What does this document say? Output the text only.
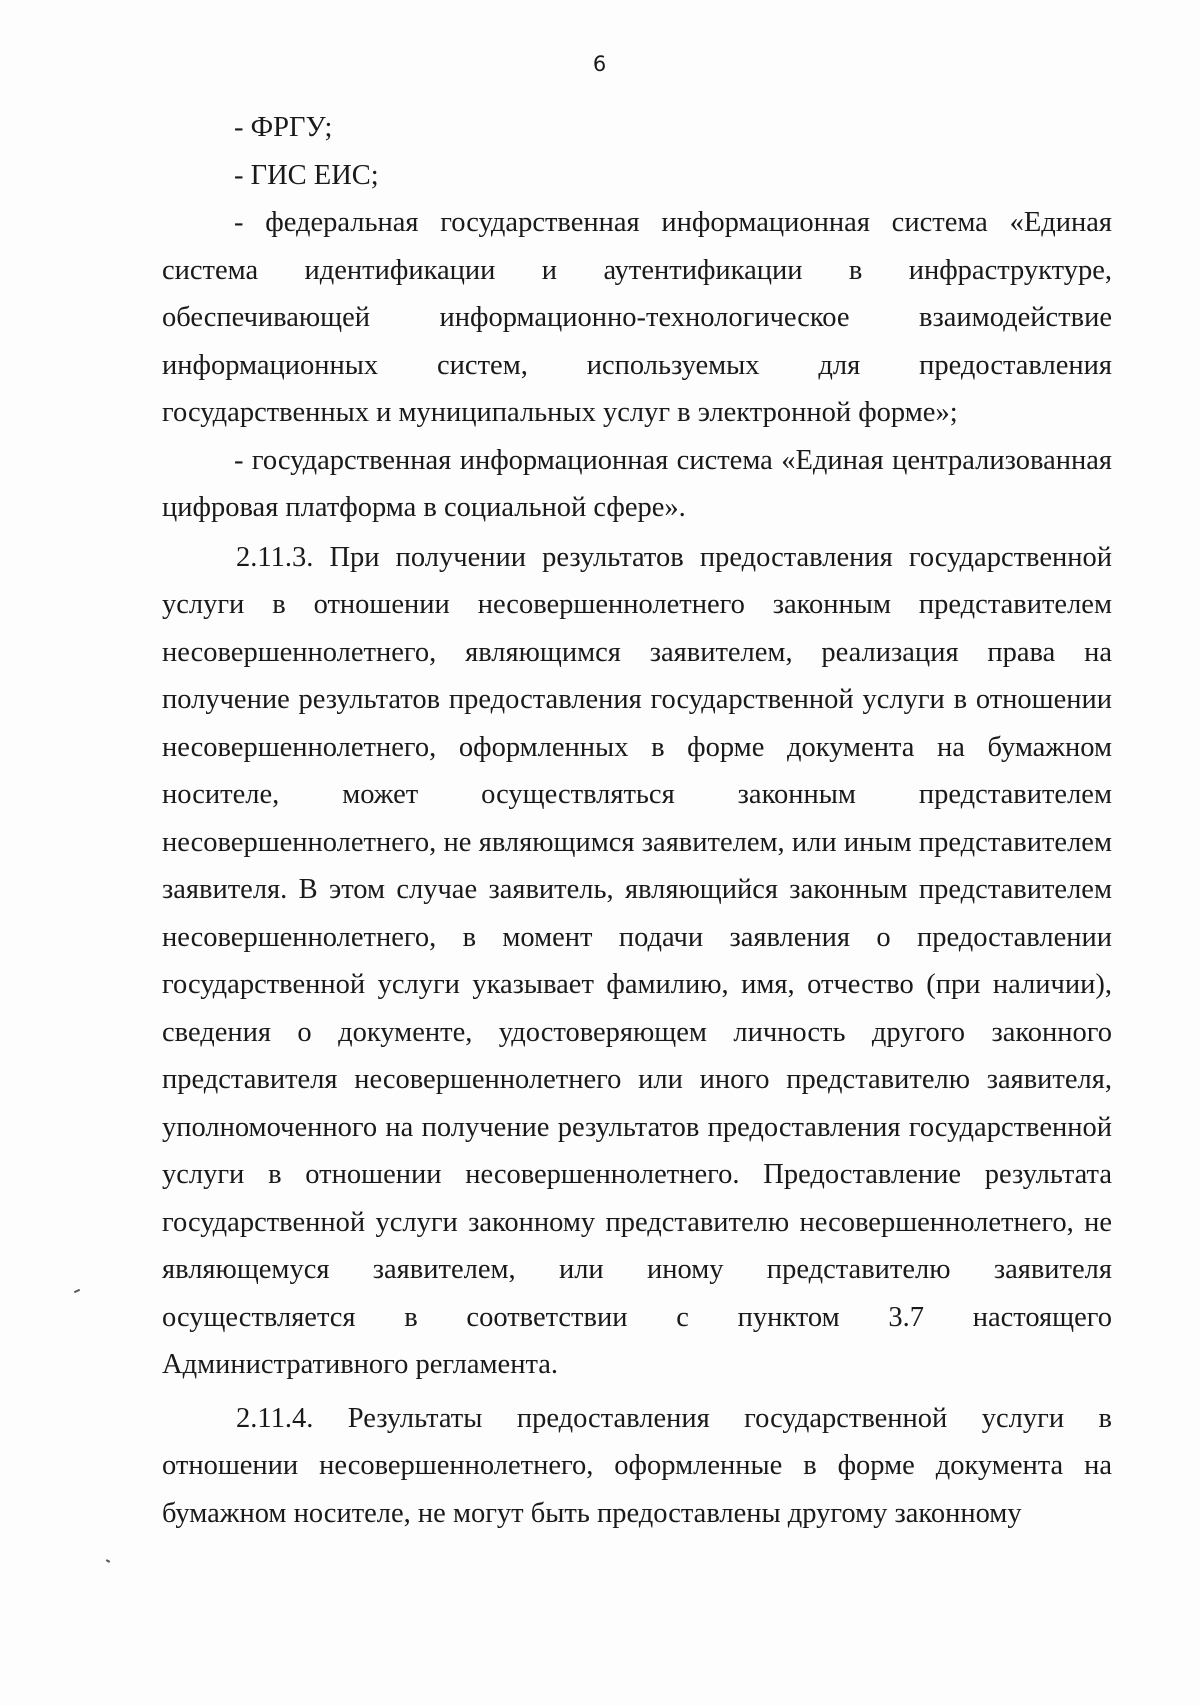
6

- ФРГУ;

- ГИС ЕИС;

- федеральная государственная информационная система «Единая система идентификации и аутентификации в инфраструктуре, обеспечивающей информационно-технологическое взаимодействие информационных систем, используемых для предоставления государственных и муниципальных услуг в электронной форме»;

- государственная информационная система «Единая централизованная цифровая платформа в социальной сфере».

2.11.3. При получении результатов предоставления государственной услуги в отношении несовершеннолетнего законным представителем несовершеннолетнего, являющимся заявителем, реализация права на получение результатов предоставления государственной услуги в отношении несовершеннолетнего, оформленных в форме документа на бумажном носителе, может осуществляться законным представителем несовершеннолетнего, не являющимся заявителем, или иным представителем заявителя. В этом случае заявитель, являющийся законным представителем несовершеннолетнего, в момент подачи заявления о предоставлении государственной услуги указывает фамилию, имя, отчество (при наличии), сведения о документе, удостоверяющем личность другого законного представителя несовершеннолетнего или иного представителю заявителя, уполномоченного на получение результатов предоставления государственной услуги в отношении несовершеннолетнего. Предоставление результата государственной услуги законному представителю несовершеннолетнего, не являющемуся заявителем, или иному представителю заявителя осуществляется в соответствии с пунктом 3.7 настоящего Административного регламента.

2.11.4. Результаты предоставления государственной услуги в отношении несовершеннолетнего, оформленные в форме документа на бумажном носителе, не могут быть предоставлены другому законному
